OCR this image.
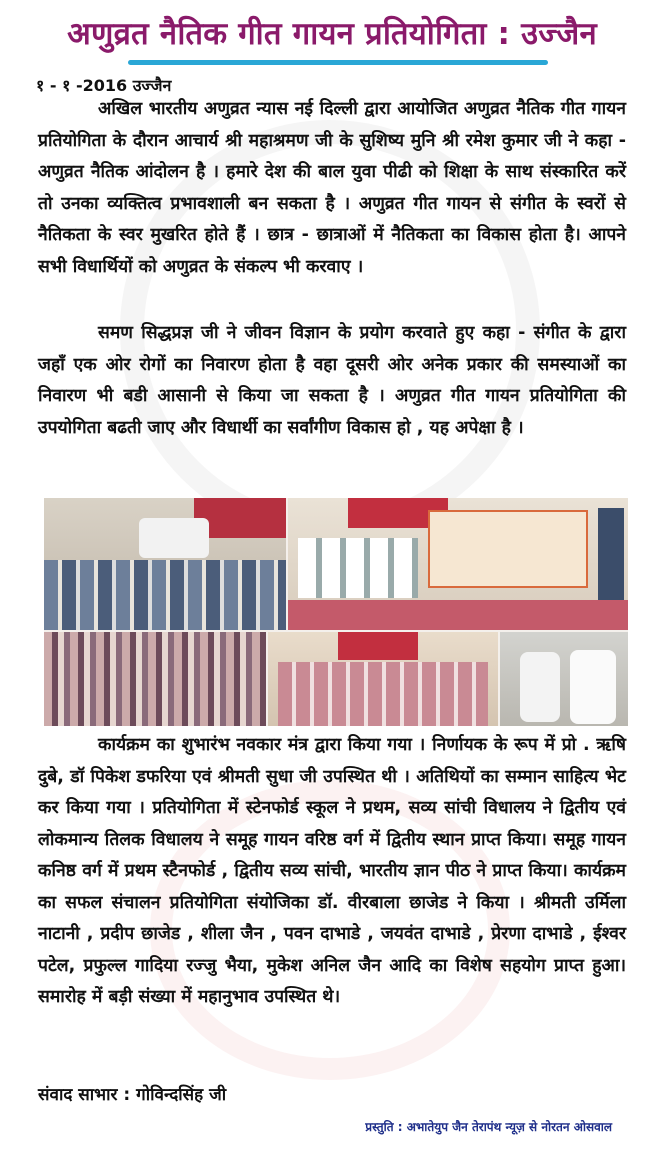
अणुव्रत नैतिक गीत गायन प्रतियोगिता : उज्जैन
१ - १ -2016 उज्जैन

अखिल भारतीय अणुव्रत न्यास नई दिल्ली द्वारा आयोजित अणुव्रत नैतिक गीत गायन प्रतियोगिता के दौरान आचार्य श्री महाश्रमण जी के सुशिष्य मुनि श्री रमेश कुमार जी ने कहा - अणुव्रत नैतिक आंदोलन है । हमारे देश की बाल युवा पीढी को शिक्षा के साथ संस्कारित करें तो उनका व्यक्तित्व प्रभावशाली बन सकता है । अणुव्रत गीत गायन से संगीत के स्वरों से नैतिकता के स्वर मुखरित होते हैं । छात्र - छात्राओं में नैतिकता का विकास होता है। आपने सभी विधार्थियों को अणुव्रत के संकल्प भी करवाए ।

समण सिद्धप्रज्ञ जी ने जीवन विज्ञान के प्रयोग करवाते हुए कहा - संगीत के द्वारा जहाँ एक ओर रोगों का निवारण होता है वहा दूसरी ओर अनेक प्रकार की समस्याओं का निवारण भी बडी आसानी से किया जा सकता है । अणुव्रत गीत गायन प्रतियोगिता की उपयोगिता बढती जाए और विधार्थी का सर्वांगीण विकास हो , यह अपेक्षा है ।

कार्यक्रम का शुभारंभ नवकार मंत्र द्वारा किया गया । निर्णायक के रूप में प्रो . ऋषि दुबे, डॉ पिकेश डफरिया एवं श्रीमती सुधा जी उपस्थित थी । अतिथियों का सम्मान साहित्य भेट कर किया गया । प्रतियोगिता में स्टेनफोर्ड स्कूल ने प्रथम, सव्य सांची विधालय ने द्वितीय एवं लोकमान्य तिलक विधालय ने समूह गायन वरिष्ठ वर्ग में द्वितीय स्थान प्राप्त किया। समूह गायन कनिष्ठ वर्ग में प्रथम स्टैनफोर्ड , द्वितीय सव्य सांची, भारतीय ज्ञान पीठ ने प्राप्त किया। कार्यक्रम का सफल संचालन प्रतियोगिता संयोजिका डॉ. वीरबाला छाजेड ने किया । श्रीमती उर्मिला नाटानी , प्रदीप छाजेड , शीला जैन , पवन दाभाडे , जयवंत दाभाडे , प्रेरणा दाभाडे , ईश्वर पटेल, प्रफुल्ल गादिया रज्जु भैया, मुकेश अनिल जैन आदि का विशेष सहयोग प्राप्त हुआ। समारोह में बड़ी संख्या में महानुभाव उपस्थित थे।

संवाद साभार : गोविन्दसिंह जी
प्रस्तुति : अभातेयुप जैन तेरापंथ न्यूज़ से नोरतन ओसवाल
